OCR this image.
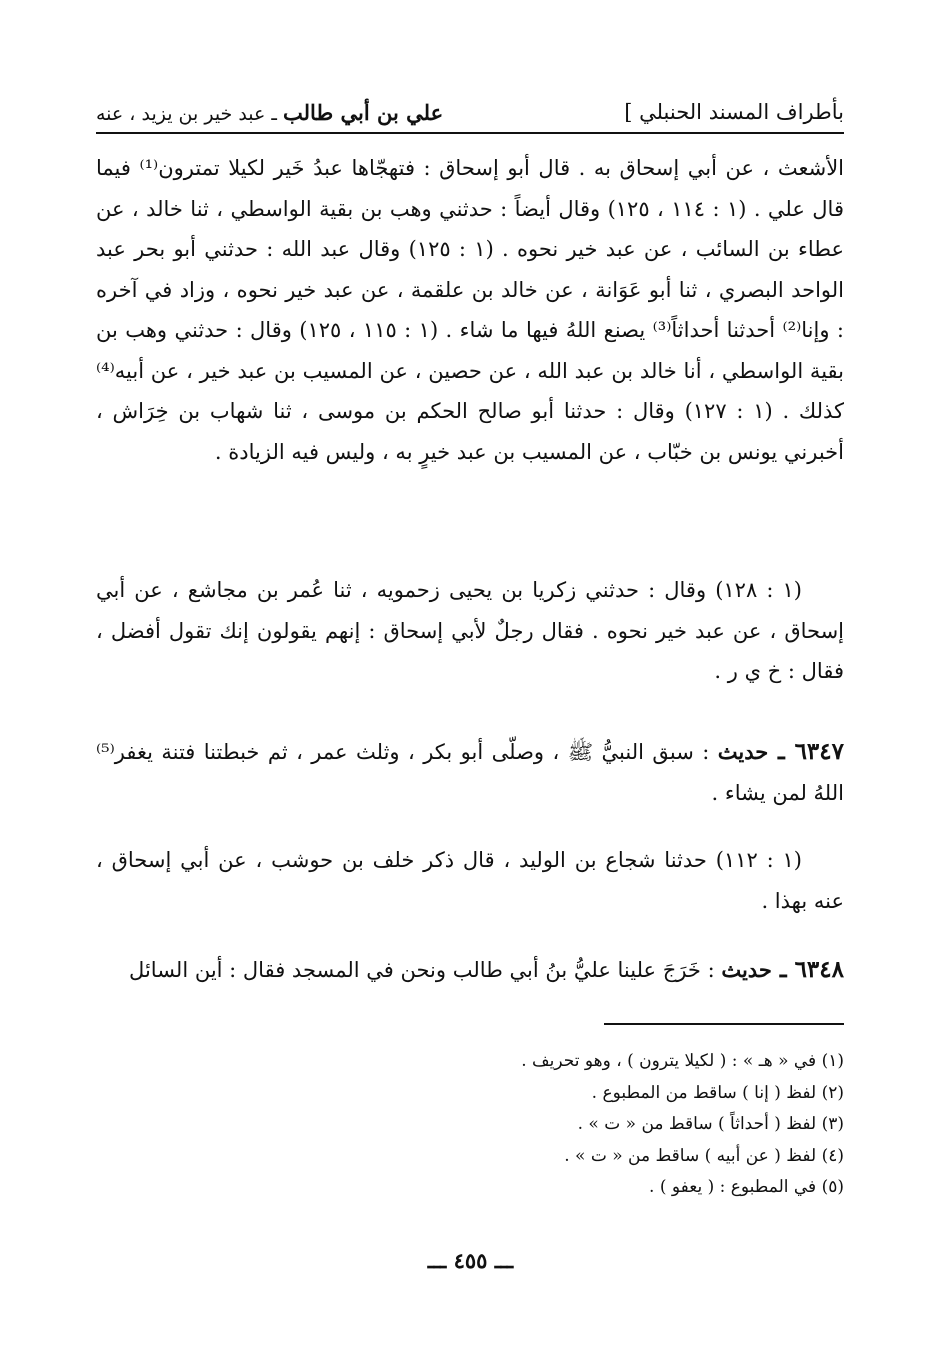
بأطراف المسند الحنبلي ]
علي بن أبي طالب ـ عبد خير بن يزيد ، عنه

الأشعث ، عن أبي إسحاق به . قال أبو إسحاق : فتهجّاها عبدُ خَير لكيلا تمترون⁽¹⁾ فيما قال علي . (١ : ١١٤ ، ١٢٥) وقال أيضاً : حدثني وهب بن بقية الواسطي ، ثنا خالد ، عن عطاء بن السائب ، عن عبد خير نحوه . (١ : ١٢٥) وقال عبد الله : حدثني أبو بحر عبد الواحد البصري ، ثنا أبو عَوَانة ، عن خالد بن علقمة ، عن عبد خير نحوه ، وزاد في آخره : وإنا⁽²⁾ أحدثنا أحداثاً⁽³⁾ يصنع اللهُ فيها ما شاء . (١ : ١١٥ ، ١٢٥) وقال : حدثني وهب بن بقية الواسطي ، أنا خالد بن عبد الله ، عن حصين ، عن المسيب بن عبد خير ، عن أبيه⁽⁴⁾ كذلك . (١ : ١٢٧) وقال : حدثنا أبو صالح الحكم بن موسى ، ثنا شهاب بن خِرَاش ، أخبرني يونس بن خبّاب ، عن المسيب بن عبد خيرٍ به ، وليس فيه الزيادة .

(١ : ١٢٨) وقال : حدثني زكريا بن يحيى زحمويه ، ثنا عُمر بن مجاشع ، عن أبي إسحاق ، عن عبد خير نحوه . فقال رجلٌ لأبي إسحاق : إنهم يقولون إنك تقول أفضل ، فقال : خ ي ر .

٦٣٤٧ ـ حديث : سبق النبيُّ ﷺ ، وصلّى أبو بكر ، وثلث عمر ، ثم خبطتنا فتنة يغفر⁽⁵⁾ اللهُ لمن يشاء .

(١ : ١١٢) حدثنا شجاع بن الوليد ، قال ذكر خلف بن حوشب ، عن أبي إسحاق ، عنه بهذا .

٦٣٤٨ ـ حديث : خَرَجَ علينا عليُّ بنُ أبي طالب ونحن في المسجد فقال : أين السائل

(١) في « هـ » : ( لكيلا يترون ) ، وهو تحريف .
(٢) لفظ ( إنا ) ساقط من المطبوع .
(٣) لفظ ( أحداثاً ) ساقط من « ت » .
(٤) لفظ ( عن أبيه ) ساقط من « ت » .
(٥) في المطبوع : ( يعفو ) .
ـــ ٤٥٥ ـــ
